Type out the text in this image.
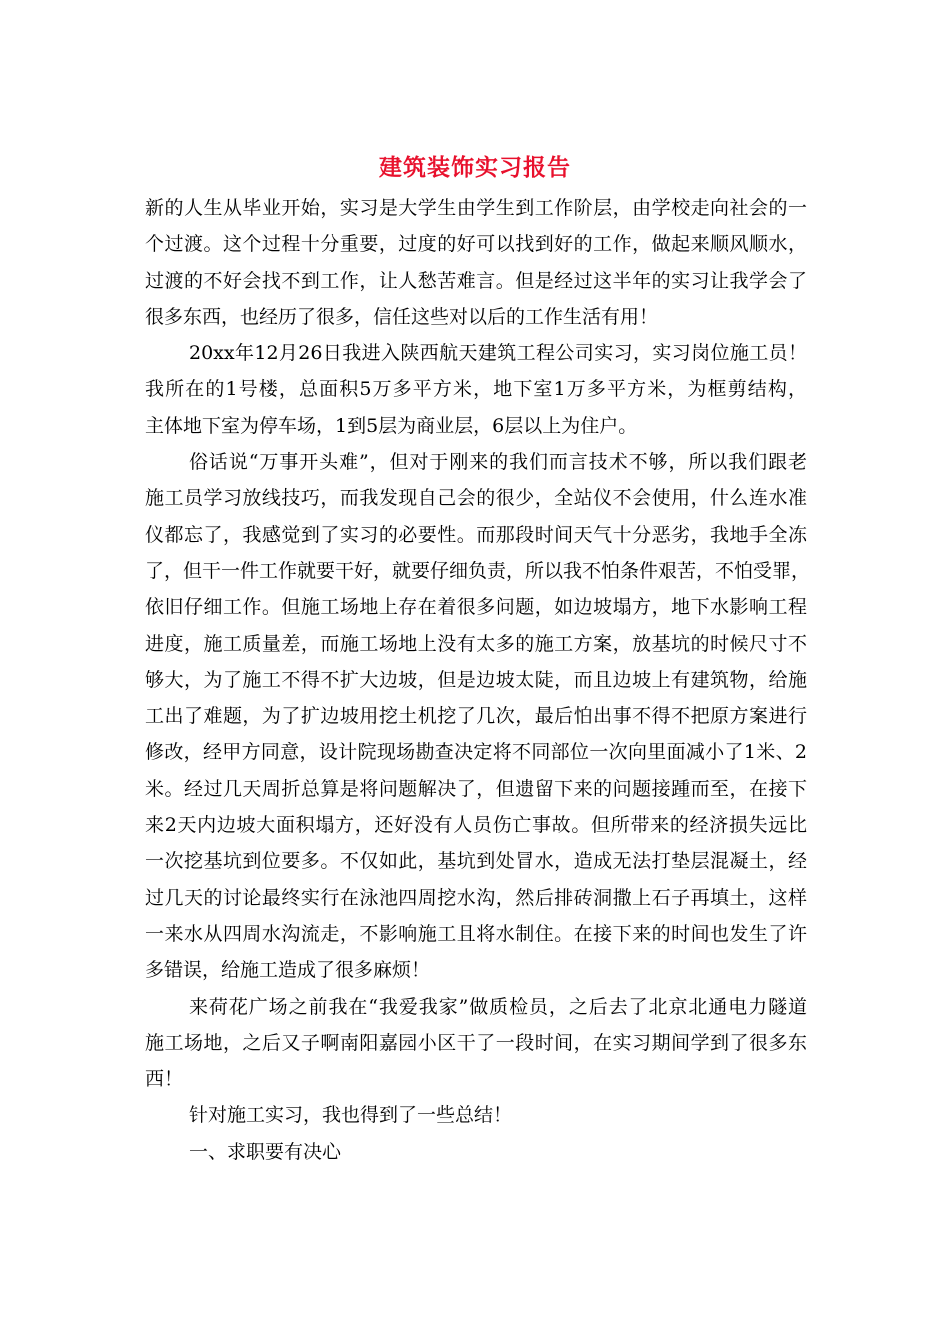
建筑装饰实习报告
新的人生从毕业开始，实习是大学生由学生到工作阶层，由学校走向社会的一
个过渡。这个过程十分重要，过度的好可以找到好的工作，做起来顺风顺水，
过渡的不好会找不到工作，让人愁苦难言。但是经过这半年的实习让我学会了
很多东西，也经历了很多，信任这些对以后的工作生活有用！
20xx年12月26日我进入陕西航天建筑工程公司实习，实习岗位施工员！
我所在的1号楼，总面积5万多平方米，地下室1万多平方米，为框剪结构，
主体地下室为停车场，1到5层为商业层，6层以上为住户。
俗话说“万事开头难”，但对于刚来的我们而言技术不够，所以我们跟老
施工员学习放线技巧，而我发现自己会的很少，全站仪不会使用，什么连水准
仪都忘了，我感觉到了实习的必要性。而那段时间天气十分恶劣，我地手全冻
了，但干一件工作就要干好，就要仔细负责，所以我不怕条件艰苦，不怕受罪，
依旧仔细工作。但施工场地上存在着很多问题，如边坡塌方，地下水影响工程
进度，施工质量差，而施工场地上没有太多的施工方案，放基坑的时候尺寸不
够大，为了施工不得不扩大边坡，但是边坡太陡，而且边坡上有建筑物，给施
工出了难题，为了扩边坡用挖土机挖了几次，最后怕出事不得不把原方案进行
修改，经甲方同意，设计院现场勘查决定将不同部位一次向里面减小了1米、2
米。经过几天周折总算是将问题解决了，但遗留下来的问题接踵而至，在接下
来2天内边坡大面积塌方，还好没有人员伤亡事故。但所带来的经济损失远比
一次挖基坑到位要多。不仅如此，基坑到处冒水，造成无法打垫层混凝土，经
过几天的讨论最终实行在泳池四周挖水沟，然后排砖洞撒上石子再填土，这样
一来水从四周水沟流走，不影响施工且将水制住。在接下来的时间也发生了许
多错误，给施工造成了很多麻烦！
来荷花广场之前我在“我爱我家”做质检员，之后去了北京北通电力隧道
施工场地，之后又子啊南阳嘉园小区干了一段时间，在实习期间学到了很多东
西！
针对施工实习，我也得到了一些总结！
一、求职要有决心
